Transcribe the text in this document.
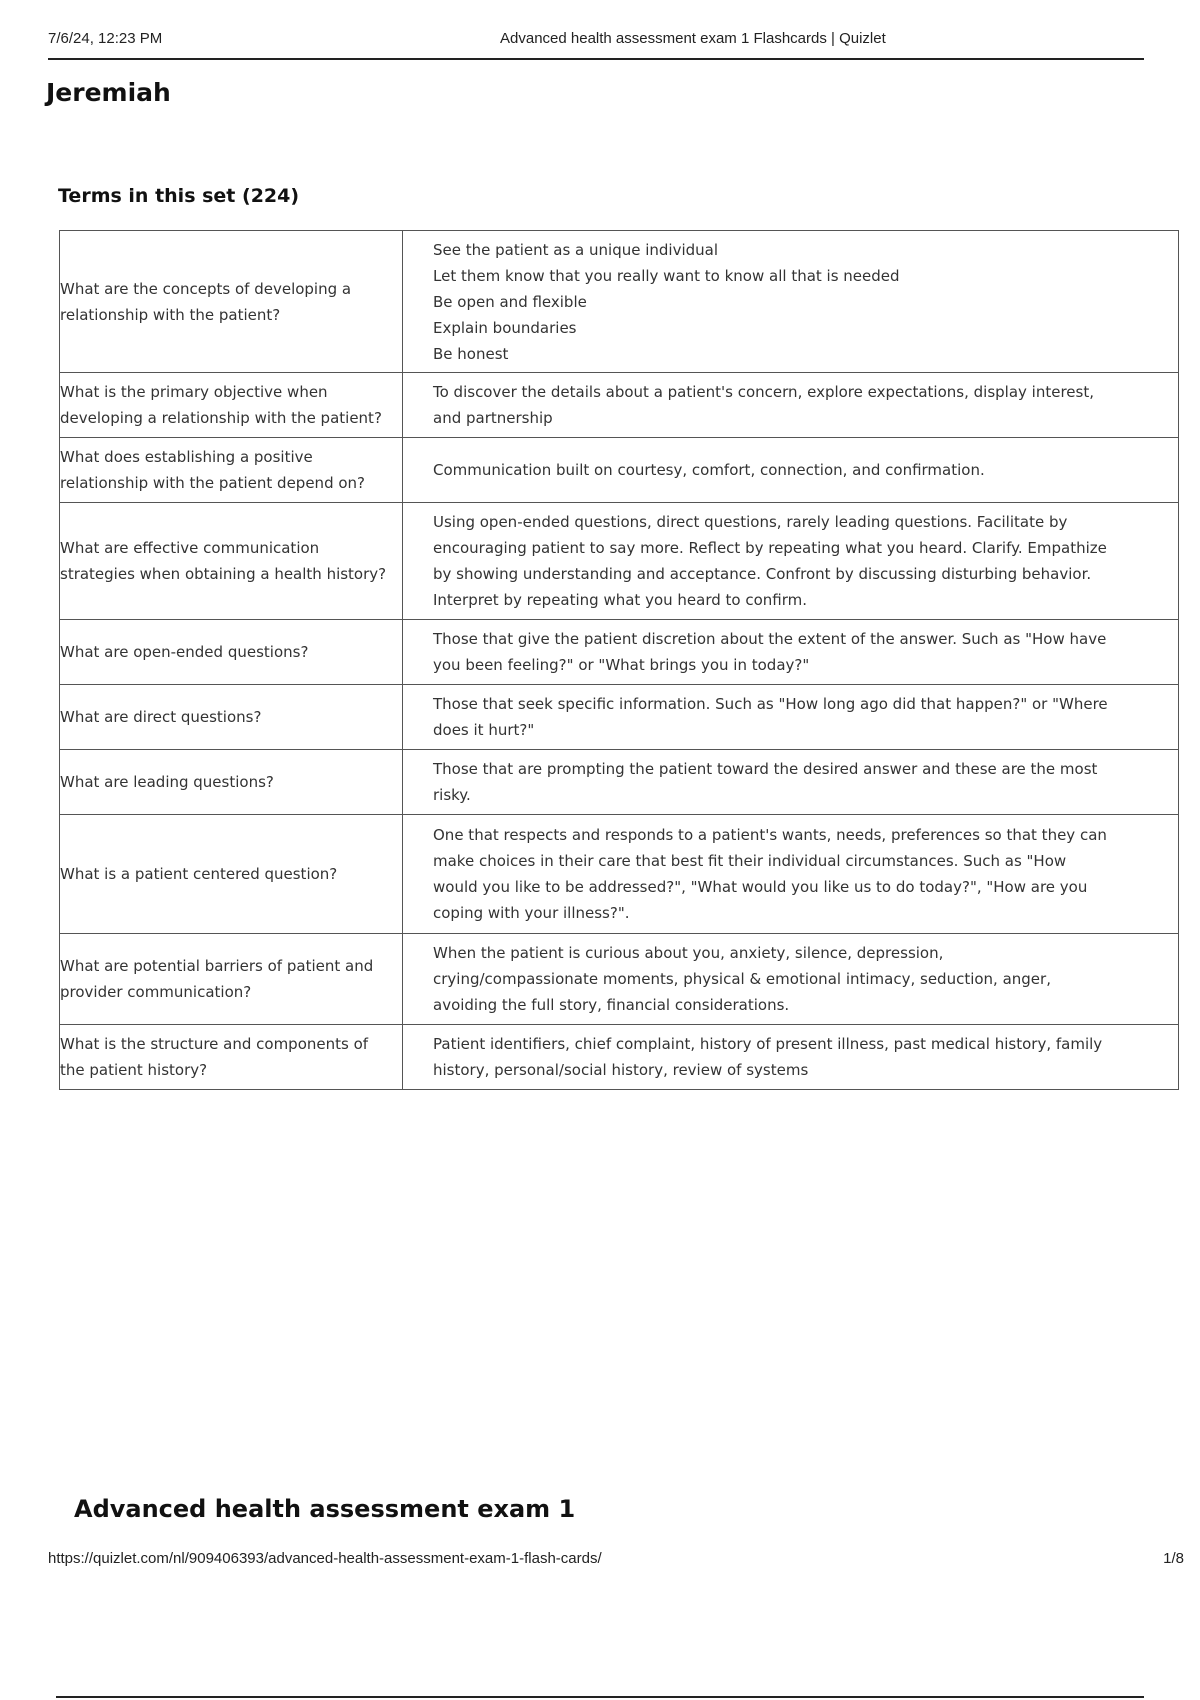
7/6/24, 12:23 PM	Advanced health assessment exam 1 Flashcards | Quizlet
Jeremiah
Terms in this set (224)
What are the concepts of developing a relationship with the patient?	See the patient as a unique individual
Let them know that you really want to know all that is needed
Be open and flexible
Explain boundaries
Be honest

What is the primary objective when developing a relationship with the patient?	To discover the details about a patient's concern, explore expectations, display interest, and partnership
What does establishing a positive relationship with the patient depend on?	Communication built on courtesy, comfort, connection, and confirmation.
What are effective communication strategies when obtaining a health history?	Using open-ended questions, direct questions, rarely leading questions. Facilitate by encouraging patient to say more. Reflect by repeating what you heard. Clarify. Empathize by showing understanding and acceptance. Confront by discussing disturbing behavior. Interpret by repeating what you heard to confirm.
What are open-ended questions?	Those that give the patient discretion about the extent of the answer. Such as "How have you been feeling?" or "What brings you in today?"
What are direct questions?	Those that seek specific information. Such as "How long ago did that happen?" or "Where does it hurt?"
What are leading questions?	Those that are prompting the patient toward the desired answer and these are the most risky.
What is a patient centered question?	One that respects and responds to a patient's wants, needs, preferences so that they can make choices in their care that best fit their individual circumstances. Such as "How would you like to be addressed?", "What would you like us to do today?", "How are you coping with your illness?".
What are potential barriers of patient and provider communication?	When the patient is curious about you, anxiety, silence, depression, crying/compassionate moments, physical & emotional intimacy, seduction, anger, avoiding the full story, financial considerations.
What is the structure and components of the patient history?	Patient identifiers, chief complaint, history of present illness, past medical history, family history, personal/social history, review of systems
Advanced health assessment exam 1
https://quizlet.com/nl/909406393/advanced-health-assessment-exam-1-flash-cards/	1/8
